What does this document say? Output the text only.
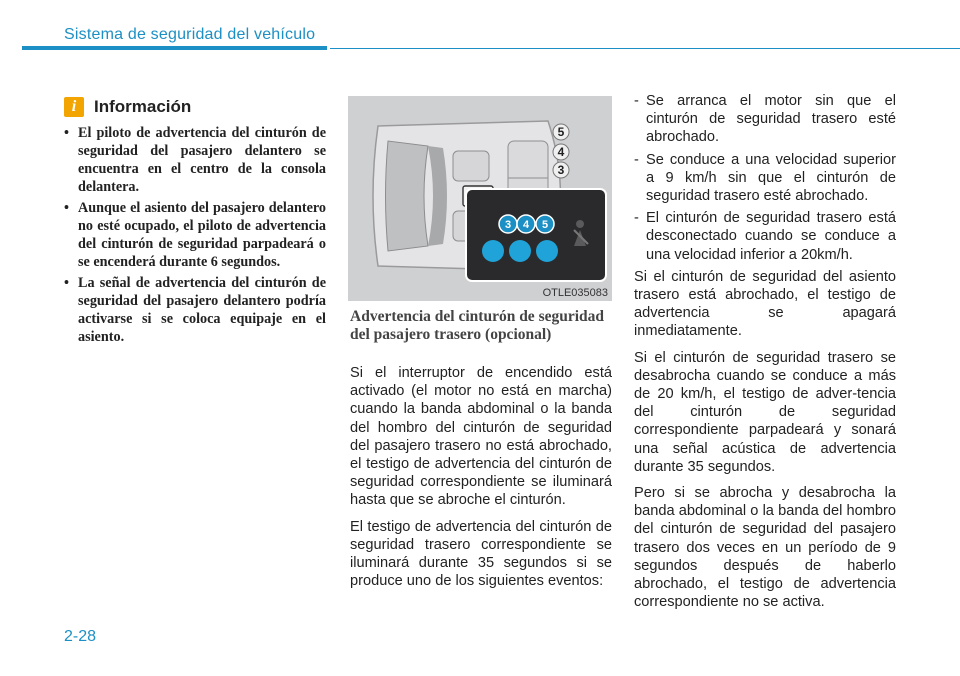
Sistema de seguridad del vehículo
i	Información
• El piloto de advertencia del cinturón de seguridad del pasajero delantero se encuentra en el centro de la consola delantera.
• Aunque el asiento del pasajero delantero no esté ocupado, el piloto de advertencia del cinturón de seguridad parpadeará o se encenderá durante 6 segundos.
• La señal de advertencia del cinturón de seguridad del pasajero delantero podría activarse si se coloca equipaje en el asiento.
5
4
3
3 4 5
OTLE035083
Advertencia del cinturón de seguridad del pasajero trasero (opcional)

Si el interruptor de encendido está activado (el motor no está en marcha) cuando la banda abdominal o la banda del hombro del cinturón de seguridad del pasajero trasero no está abrochado, el testigo de advertencia del cinturón de seguridad correspondiente se iluminará hasta que se abroche el cinturón.

El testigo de advertencia del cinturón de seguridad trasero correspondiente se iluminará durante 35 segundos si se produce uno de los siguientes eventos:

- Se arranca el motor sin que el cinturón de seguridad trasero esté abrochado.
- Se conduce a una velocidad superior a 9 km/h sin que el cinturón de seguridad trasero esté abrochado.
- El cinturón de seguridad trasero está desconectado cuando se conduce a una velocidad inferior a 20km/h.

Si el cinturón de seguridad del asiento trasero está abrochado, el testigo de advertencia se apagará inmediatamente.

Si el cinturón de seguridad trasero se desabrocha cuando se conduce a más de 20 km/h, el testigo de adver-tencia del cinturón de seguridad correspondiente parpadeará y sonará una señal acústica de advertencia durante 35 segundos.

Pero si se abrocha y desabrocha la banda abdominal o la banda del hombro del cinturón de seguridad del pasajero trasero dos veces en un período de 9 segundos después de haberlo abrochado, el testigo de advertencia correspondiente no se activa.

2-28
